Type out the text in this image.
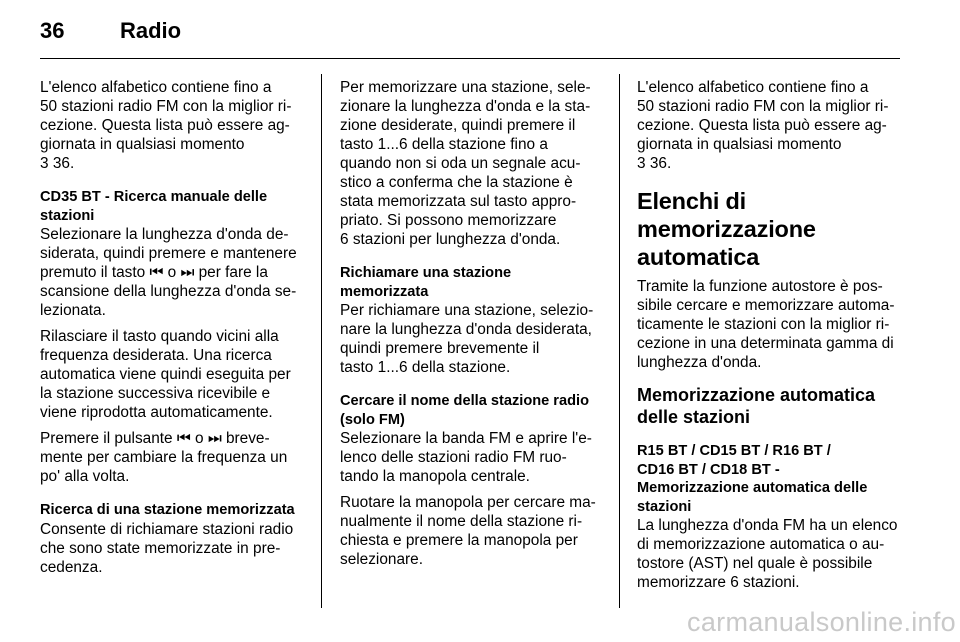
36	Radio

L'elenco alfabetico contiene fino a
50 stazioni radio FM con la miglior ri-
cezione. Questa lista può essere ag-
giornata in qualsiasi momento
3 36.

CD35 BT - Ricerca manuale delle
stazioni

Selezionare la lunghezza d'onda de-
siderata, quindi premere e mantenere
premuto il tasto ⏮ o ⏭ per fare la
scansione della lunghezza d'onda se-
lezionata.

Rilasciare il tasto quando vicini alla
frequenza desiderata. Una ricerca
automatica viene quindi eseguita per
la stazione successiva ricevibile e
viene riprodotta automaticamente.

Premere il pulsante ⏮ o ⏭ breve-
mente per cambiare la frequenza un
po' alla volta.

Ricerca di una stazione memorizzata

Consente di richiamare stazioni radio
che sono state memorizzate in pre-
cedenza.

Per memorizzare una stazione, sele-
zionare la lunghezza d'onda e la sta-
zione desiderate, quindi premere il
tasto 1...6 della stazione fino a
quando non si oda un segnale acu-
stico a conferma che la stazione è
stata memorizzata sul tasto appro-
priato. Si possono memorizzare
6 stazioni per lunghezza d'onda.

Richiamare una stazione
memorizzata

Per richiamare una stazione, selezio-
nare la lunghezza d'onda desiderata,
quindi premere brevemente il
tasto 1...6 della stazione.

Cercare il nome della stazione radio
(solo FM)

Selezionare la banda FM e aprire l'e-
lenco delle stazioni radio FM ruo-
tando la manopola centrale.

Ruotare la manopola per cercare ma-
nualmente il nome della stazione ri-
chiesta e premere la manopola per
selezionare.

L'elenco alfabetico contiene fino a
50 stazioni radio FM con la miglior ri-
cezione. Questa lista può essere ag-
giornata in qualsiasi momento
3 36.

Elenchi di memorizzazione
automatica

Tramite la funzione autostore è pos-
sibile cercare e memorizzare automa-
ticamente le stazioni con la miglior ri-
cezione in una determinata gamma di
lunghezza d'onda.

Memorizzazione automatica
delle stazioni

R15 BT / CD15 BT / R16 BT /
CD16 BT / CD18 BT -
Memorizzazione automatica delle
stazioni

La lunghezza d'onda FM ha un elenco
di memorizzazione automatica o au-
tostore (AST) nel quale è possibile
memorizzare 6 stazioni.

carmanualsonline.info
